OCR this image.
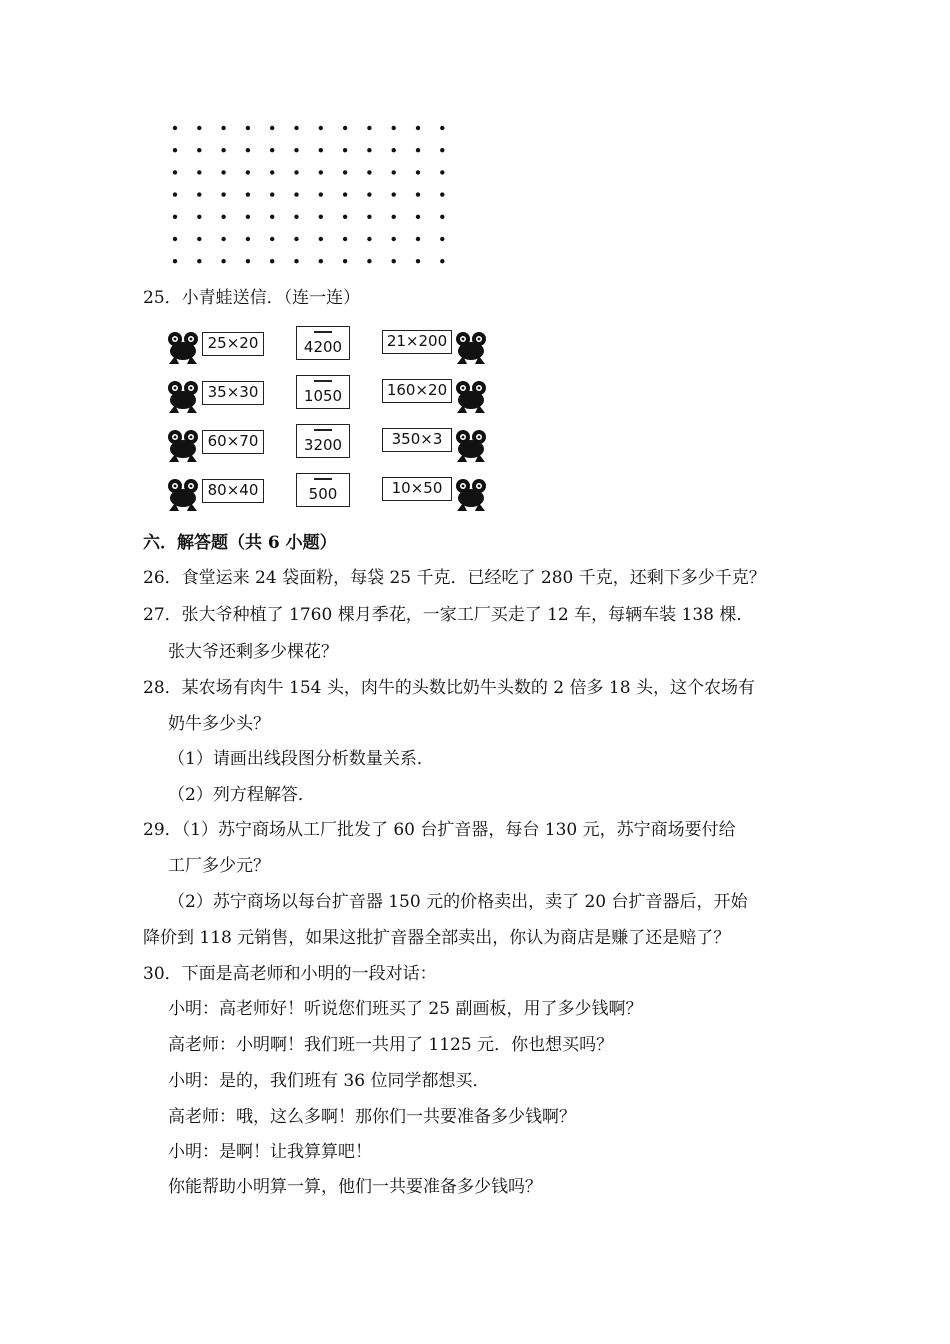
25．小青蛙送信．（连一连）
25×20
35×30
60×70
80×40
4200
1050
3200
500
21×200
160×20
350×3
10×50
六．解答题（共 6 小题）
26．食堂运来 24 袋面粉，每袋 25 千克．已经吃了 280 千克，还剩下多少千克？
27．张大爷种植了 1760 棵月季花，一家工厂买走了 12 车，每辆车装 138 棵．
张大爷还剩多少棵花？
28．某农场有肉牛 154 头，肉牛的头数比奶牛头数的 2 倍多 18 头，这个农场有
奶牛多少头？
（1）请画出线段图分析数量关系．
（2）列方程解答．
29．（1）苏宁商场从工厂批发了 60 台扩音器，每台 130 元，苏宁商场要付给
工厂多少元？
（2）苏宁商场以每台扩音器 150 元的价格卖出，卖了 20 台扩音器后，开始
降价到 118 元销售，如果这批扩音器全部卖出，你认为商店是赚了还是赔了？
30．下面是高老师和小明的一段对话：
小明：高老师好！听说您们班买了 25 副画板，用了多少钱啊？
高老师：小明啊！我们班一共用了 1125 元．你也想买吗？
小明：是的，我们班有 36 位同学都想买．
高老师：哦，这么多啊！那你们一共要准备多少钱啊？
小明：是啊！让我算算吧！
你能帮助小明算一算，他们一共要准备多少钱吗？
